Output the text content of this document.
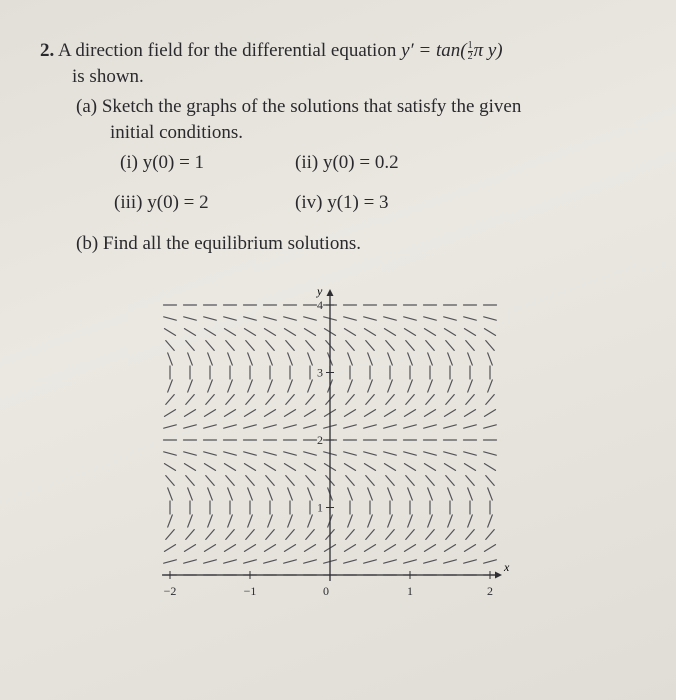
2. A direction field for the differential equation $y' = \tan( \frac{1}{2}$ π y)
is shown.
(a) Sketch the graphs of the solutions that satisfy the given
initial conditions.
(i) y(0) = 1	(ii) y(0) = 0.2
(iii) y(0) = 2	(iv) y(1) = 3
(b) Find all the equilibrium solutions.
−2	−1	0	1	2
1
2
3
4
x
y
